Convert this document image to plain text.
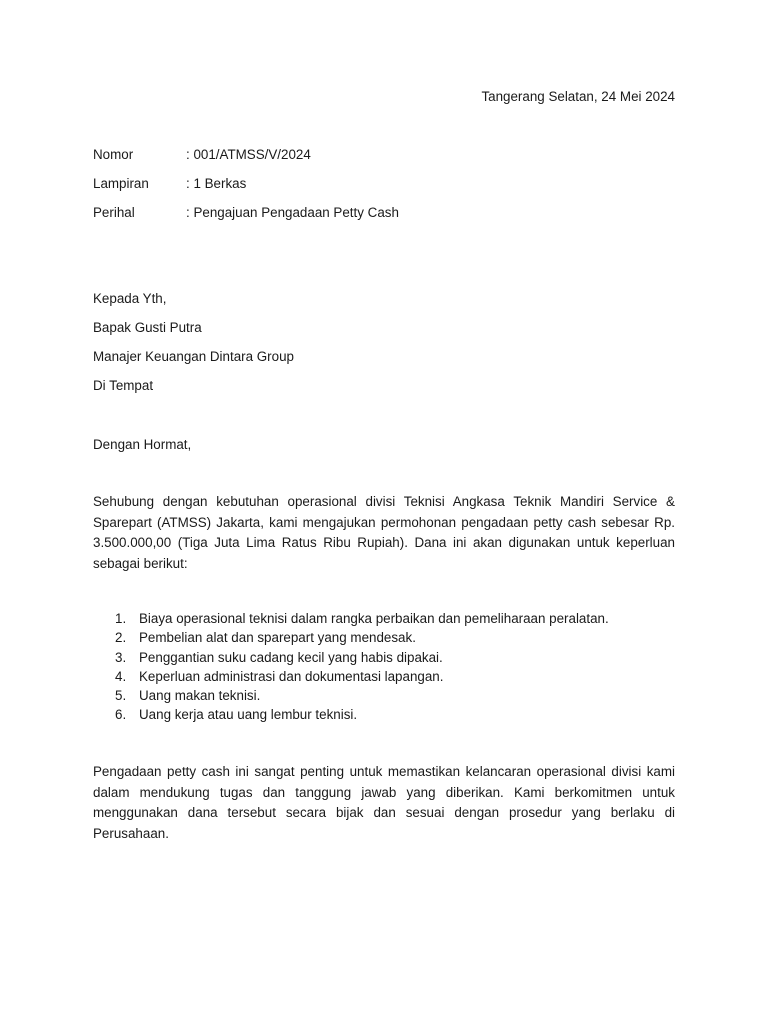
Tangerang Selatan, 24 Mei 2024
Nomor	: 001/ATMSS/V/2024
Lampiran	: 1 Berkas
Perihal	: Pengajuan Pengadaan Petty Cash
Kepada Yth,
Bapak Gusti Putra
Manajer Keuangan Dintara Group
Di Tempat
Dengan Hormat,

Sehubung dengan kebutuhan operasional divisi Teknisi Angkasa Teknik Mandiri Service & Sparepart (ATMSS) Jakarta, kami mengajukan permohonan pengadaan petty cash sebesar Rp. 3.500.000,00 (Tiga Juta Lima Ratus Ribu Rupiah). Dana ini akan digunakan untuk keperluan sebagai berikut:

1. Biaya operasional teknisi dalam rangka perbaikan dan pemeliharaan peralatan.
2. Pembelian alat dan sparepart yang mendesak.
3. Penggantian suku cadang kecil yang habis dipakai.
4. Keperluan administrasi dan dokumentasi lapangan.
5. Uang makan teknisi.
6. Uang kerja atau uang lembur teknisi.

Pengadaan petty cash ini sangat penting untuk memastikan kelancaran operasional divisi kami dalam mendukung tugas dan tanggung jawab yang diberikan. Kami berkomitmen untuk menggunakan dana tersebut secara bijak dan sesuai dengan prosedur yang berlaku di Perusahaan.
